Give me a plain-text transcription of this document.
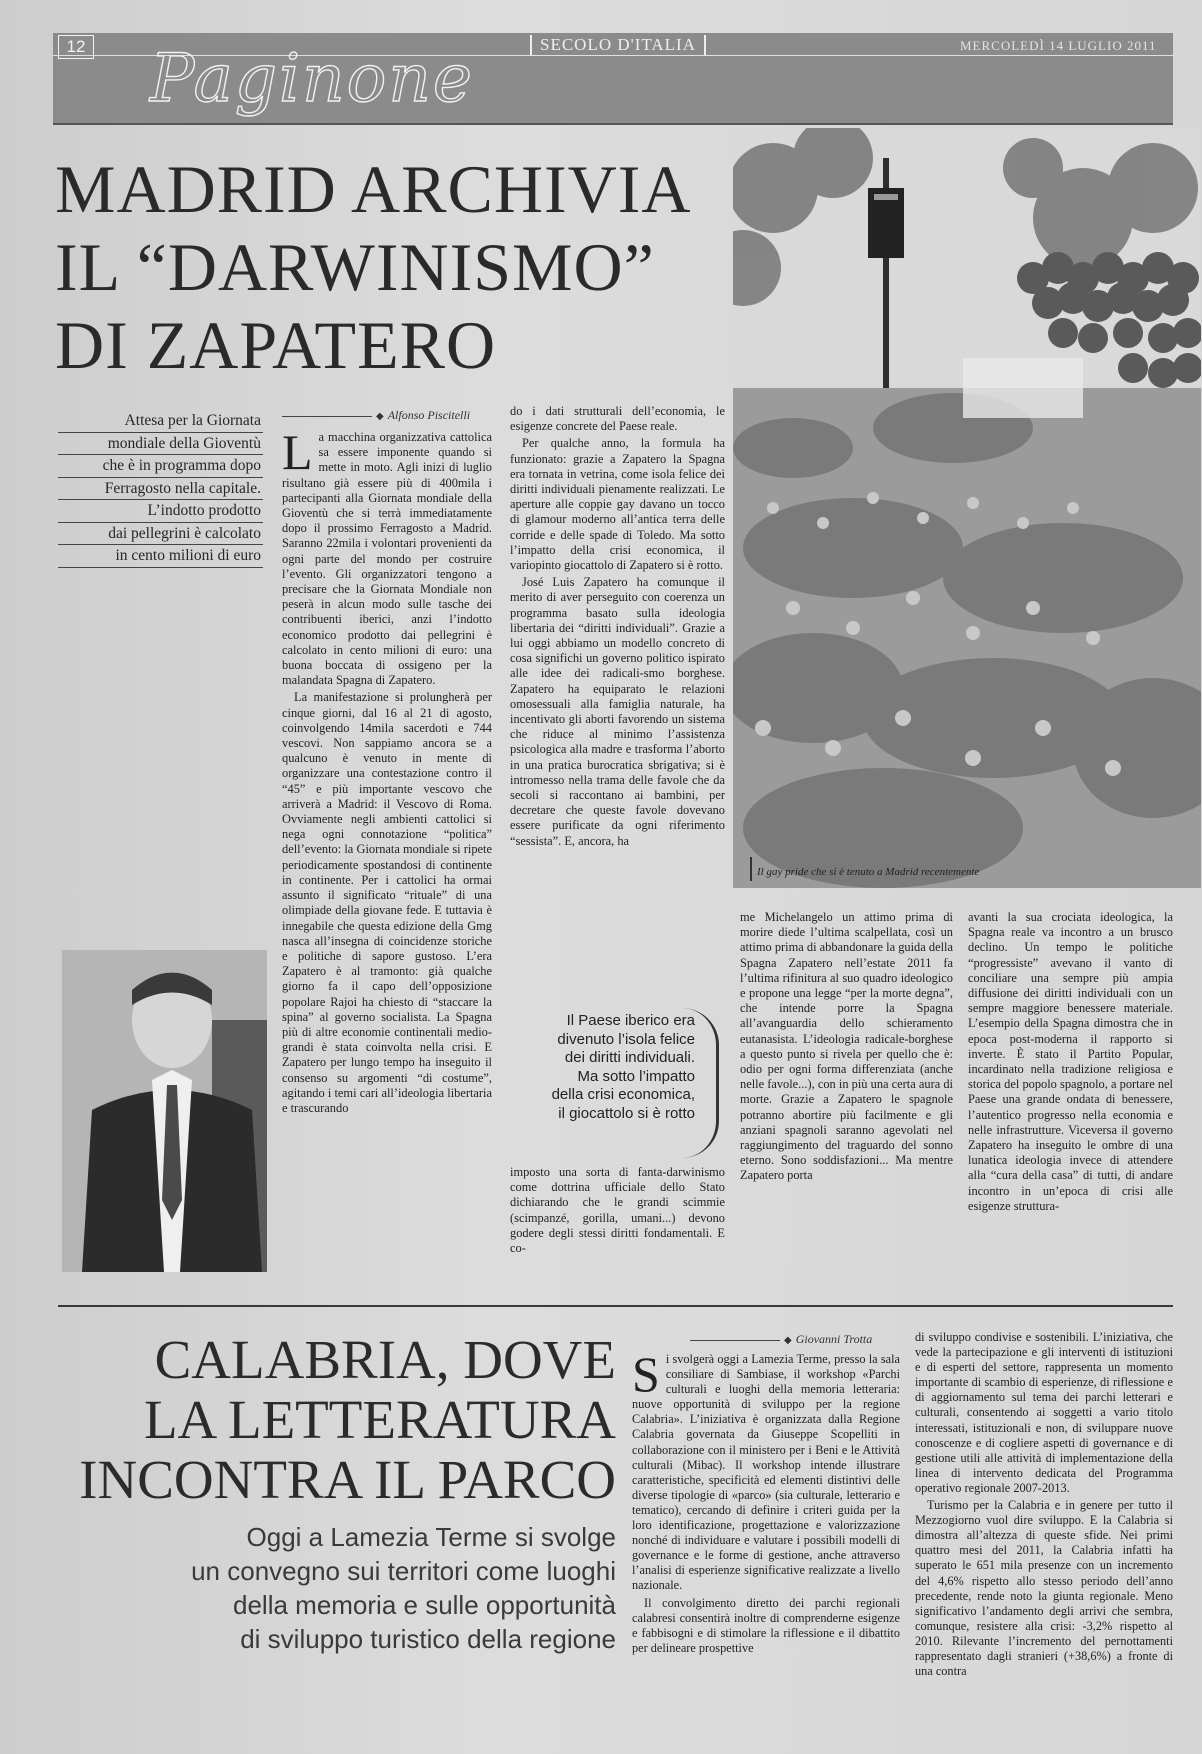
12 Paginone	SECOLO D'ITALIA	MERCOLEDÌ 14 LUGLIO 2011
MADRID ARCHIVIA
IL “DARWINISMO”
DI ZAPATERO
Il gay pride che si è tenuto a Madrid recentemente
Attesa per la Giornata
mondiale della Gioventù
che è in programma dopo
Ferragosto nella capitale.
L’indotto prodotto
dai pellegrini è calcolato
in cento milioni di euro
◆ Alfonso Piscitelli

La macchina organizzativa cattolica sa essere imponente quando si mette in moto. Agli inizi di luglio risultano già essere più di 400mila i partecipanti alla Giornata mondiale della Gioventù che si terrà immediatamente dopo il prossimo Ferragosto a Madrid. Saranno 22mila i volontari provenienti da ogni parte del mondo per costruire l’evento. Gli organizzatori tengono a precisare che la Giornata Mondiale non peserà in alcun modo sulle tasche dei contribuenti iberici, anzi l’indotto economico prodotto dai pellegrini è calcolato in cento milioni di euro: una buona boccata di ossigeno per la malandata Spagna di Zapatero.

La manifestazione si prolungherà per cinque giorni, dal 16 al 21 di agosto, coinvolgendo 14mila sacerdoti e 744 vescovi. Non sappiamo ancora se a qualcuno è venuto in mente di organizzare una contestazione contro il “45” e più importante vescovo che arriverà a Madrid: il Vescovo di Roma. Ovviamente negli ambienti cattolici si nega ogni connotazione “politica” dell’evento: la Giornata mondiale si ripete periodicamente spostandosi di continente in continente. Per i cattolici ha ormai assunto il significato “rituale” di una olimpiade della giovane fede. E tuttavia è innegabile che questa edizione della Gmg nasca all’insegna di coincidenze storiche e politiche di sapore gustoso. L’era Zapatero è al tramonto: già qualche giorno fa il capo dell’opposizione popolare Rajoi ha chiesto di “staccare la spina” al governo socialista. La Spagna più di altre economie continentali medio-grandi è stata coinvolta nella crisi. E Zapatero per lungo tempo ha inseguito il consenso su argomenti “di costume”, agitando i temi cari all’ideologia libertaria e trascurando

do i dati strutturali dell’economia, le esigenze concrete del Paese reale.

Per qualche anno, la formula ha funzionato: grazie a Zapatero la Spagna era tornata in vetrina, come isola felice dei diritti individuali pienamente realizzati. Le aperture alle coppie gay davano un tocco di glamour moderno all’antica terra delle corride e delle spade di Toledo. Ma sotto l’impatto della crisi economica, il variopinto giocattolo di Zapatero si è rotto.

José Luis Zapatero ha comunque il merito di aver perseguito con coerenza un programma basato sulla ideologia libertaria dei “diritti individuali”. Grazie a lui oggi abbiamo un modello concreto di cosa significhi un governo politico ispirato alle idee dei radicali-smo borghese. Zapatero ha equiparato le relazioni omosessuali alla famiglia naturale, ha incentivato gli aborti favorendo un sistema che riduce al minimo l’assistenza psicologica alla madre e trasforma l’aborto in una pratica burocratica sbrigativa; si è intromesso nella trama delle favole che da secoli si raccontano ai bambini, per decretare che queste favole dovevano essere purificate da ogni riferimento “sessista”. E, ancora, ha

Il Paese iberico era
divenuto l’isola felice
dei diritti individuali.
Ma sotto l’impatto
della crisi economica,
il giocattolo si è rotto

imposto una sorta di fanta-darwinismo come dottrina ufficiale dello Stato dichiarando che le grandi scimmie (scimpanzé, gorilla, umani...) devono godere degli stessi diritti fondamentali. E co-

me Michelangelo un attimo prima di morire diede l’ultima scalpellata, così un attimo prima di abbandonare la guida della Spagna Zapatero nell’estate 2011 fa l’ultima rifinitura al suo quadro ideologico e propone una legge “per la morte degna”, che intende porre la Spagna all’avanguardia dello schieramento eutanasista. L’ideologia radicale-borghese a questo punto si rivela per quello che è: odio per ogni forma differenziata (anche nelle favole...), con in più una certa aura di morte. Grazie a Zapatero le spagnole potranno abortire più facilmente e gli anziani spagnoli saranno agevolati nel raggiungimento del traguardo del sonno eterno. Sono soddisfazioni... Ma mentre Zapatero porta

avanti la sua crociata ideologica, la Spagna reale va incontro a un brusco declino. Un tempo le politiche “progressiste” avevano il vanto di conciliare una sempre più ampia diffusione dei diritti individuali con un sempre maggiore benessere materiale. L’esempio della Spagna dimostra che in epoca post-moderna il rapporto si inverte. È stato il Partito Popular, incardinato nella tradizione religiosa e storica del popolo spagnolo, a portare nel Paese una grande ondata di benessere, l’autentico progresso nella economia e nelle infrastrutture. Viceversa il governo Zapatero ha inseguito le ombre di una lunatica ideologia invece di attendere alla “cura della casa” di tutti, di andare incontro in un’epoca di crisi alle esigenze struttura-

CALABRIA, DOVE
LA LETTERATURA
INCONTRA IL PARCO
Oggi a Lamezia Terme si svolge
un convegno sui territori come luoghi
della memoria e sulle opportunità
di sviluppo turistico della regione
◆ Giovanni Trotta

Si svolgerà oggi a Lamezia Terme, presso la sala consiliare di Sambiase, il workshop «Parchi culturali e luoghi della memoria letteraria: nuove opportunità di sviluppo per la regione Calabria». L’iniziativa è organizzata dalla Regione Calabria governata da Giuseppe Scopelliti in collaborazione con il ministero per i Beni e le Attività culturali (Mibac). Il workshop intende illustrare caratteristiche, specificità ed elementi distintivi delle diverse tipologie di «parco» (sia culturale, letterario e tematico), cercando di definire i criteri guida per la loro identificazione, progettazione e valorizzazione nonché di individuare e valutare i possibili modelli di governance e le forme di gestione, anche attraverso l’analisi di esperienze significative realizzate a livello nazionale.

Il convolgimento diretto dei parchi regionali calabresi consentirà inoltre di comprenderne esigenze e fabbisogni e di stimolare la riflessione e il dibattito per delineare prospettive

di sviluppo condivise e sostenibili. L’iniziativa, che vede la partecipazione e gli interventi di istituzioni e di esperti del settore, rappresenta un momento importante di scambio di esperienze, di riflessione e di aggiornamento sul tema dei parchi letterari e culturali, consentendo ai soggetti a vario titolo interessati, istituzionali e non, di sviluppare nuove conoscenze e di cogliere aspetti di governance e di gestione utili alle attività di implementazione della linea di intervento dedicata del Programma operativo regionale 2007-2013.

Turismo per la Calabria e in genere per tutto il Mezzogiorno vuol dire sviluppo. E la Calabria si dimostra all’altezza di queste sfide. Nei primi quattro mesi del 2011, la Calabria infatti ha superato le 651 mila presenze con un incremento del 4,6% rispetto allo stesso periodo dell’anno precedente, rende noto la giunta regionale. Meno significativo l’andamento degli arrivi che sembra, comunque, resistere alla crisi: -3,2% rispetto al 2010. Rilevante l’incremento del pernottamenti rappresentato dagli stranieri (+38,6%) a fronte di una contra
